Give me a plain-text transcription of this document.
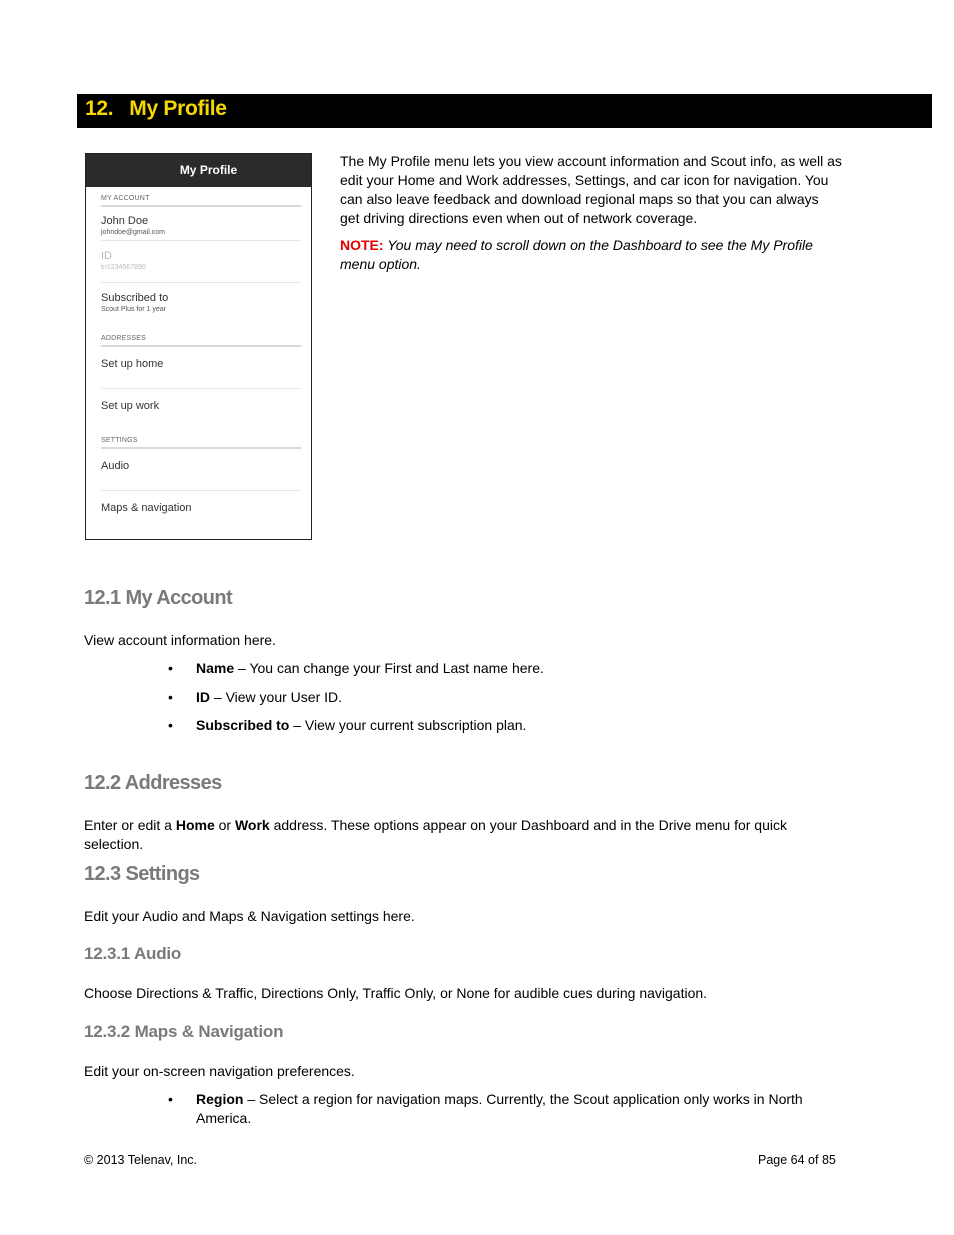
12. My Profile
My Profile
MY ACCOUNT
John Doe
johndoe@gmail.com
ID
tn1234567890
Subscribed to
Scout Plus for 1 year
ADDRESSES
Set up home
Set up work
SETTINGS
Audio
Maps & navigation
The My Profile menu lets you view account information and Scout info, as well as
edit your Home and Work addresses, Settings, and car icon for navigation. You
can also leave feedback and download regional maps so that you can always
get driving directions even when out of network coverage.
NOTE: You may need to scroll down on the Dashboard to see the My Profile
menu option.
12.1 My Account
View account information here.
• Name – You can change your First and Last name here.
• ID – View your User ID.
• Subscribed to – View your current subscription plan.
12.2 Addresses
Enter or edit a Home or Work address. These options appear on your Dashboard and in the Drive menu for quick
selection.
12.3 Settings
Edit your Audio and Maps & Navigation settings here.
12.3.1 Audio
Choose Directions & Traffic, Directions Only, Traffic Only, or None for audible cues during navigation.
12.3.2 Maps & Navigation
Edit your on-screen navigation preferences.
• Region – Select a region for navigation maps. Currently, the Scout application only works in North
America.
© 2013 Telenav, Inc.	Page 64 of 85
